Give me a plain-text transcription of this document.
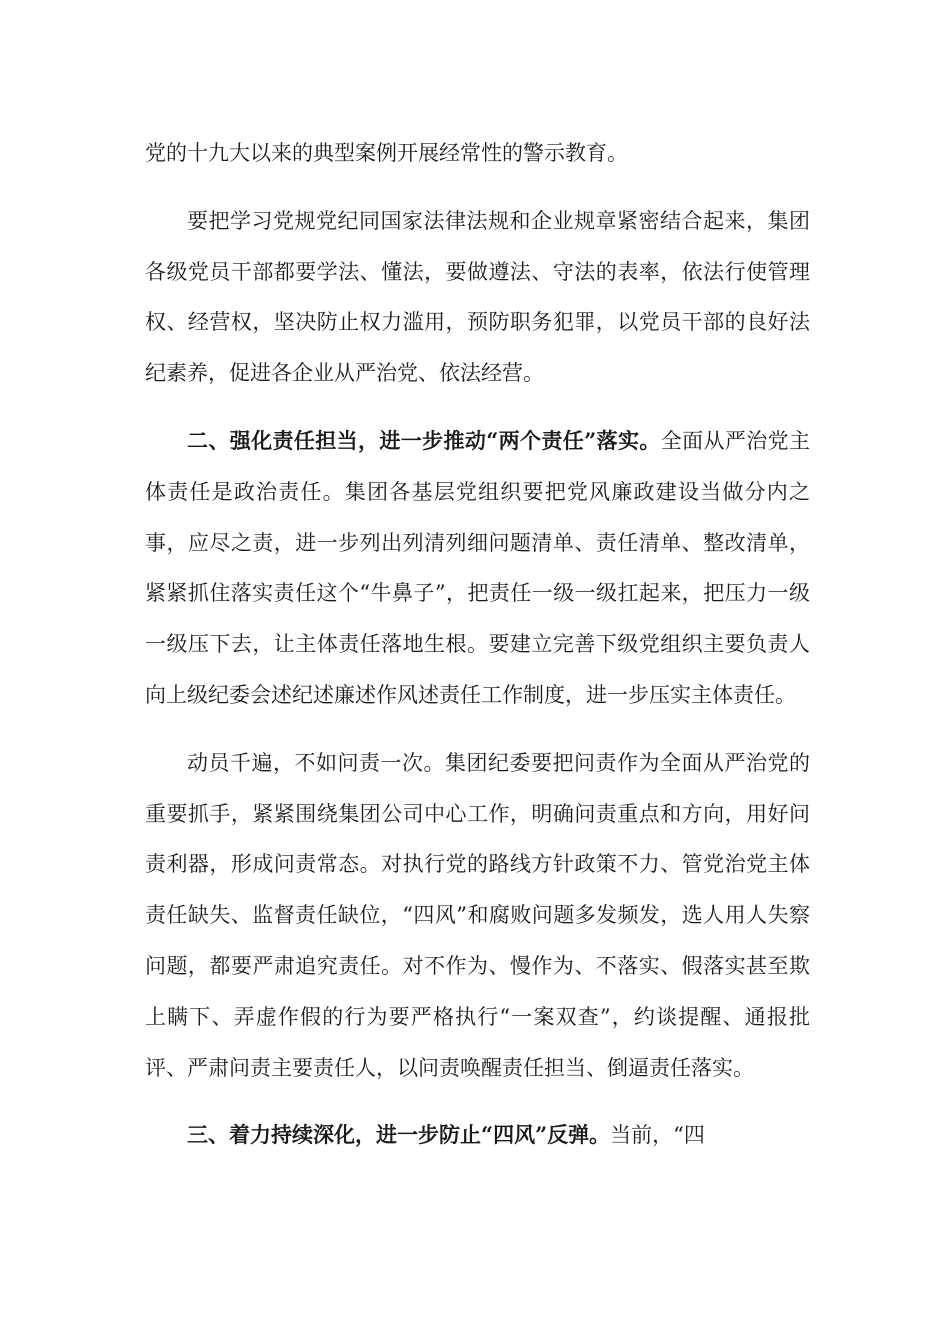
党的十九大以来的典型案例开展经常性的警示教育。

要把学习党规党纪同国家法律法规和企业规章紧密结合起来，集团各级党员干部都要学法、懂法，要做遵法、守法的表率，依法行使管理权、经营权，坚决防止权力滥用，预防职务犯罪，以党员干部的良好法纪素养，促进各企业从严治党、依法经营。

二、强化责任担当，进一步推动“两个责任”落实。全面从严治党主体责任是政治责任。集团各基层党组织要把党风廉政建设当做分内之事，应尽之责，进一步列出列清列细问题清单、责任清单、整改清单，紧紧抓住落实责任这个“牛鼻子”，把责任一级一级扛起来，把压力一级一级压下去，让主体责任落地生根。要建立完善下级党组织主要负责人向上级纪委会述纪述廉述作风述责任工作制度，进一步压实主体责任。

动员千遍，不如问责一次。集团纪委要把问责作为全面从严治党的重要抓手，紧紧围绕集团公司中心工作，明确问责重点和方向，用好问责利器，形成问责常态。对执行党的路线方针政策不力、管党治党主体责任缺失、监督责任缺位，“四风”和腐败问题多发频发，选人用人失察问题，都要严肃追究责任。对不作为、慢作为、不落实、假落实甚至欺上瞒下、弄虚作假的行为要严格执行“一案双查”，约谈提醒、通报批评、严肃问责主要责任人，以问责唤醒责任担当、倒逼责任落实。

三、着力持续深化，进一步防止“四风”反弹。当前，“四
